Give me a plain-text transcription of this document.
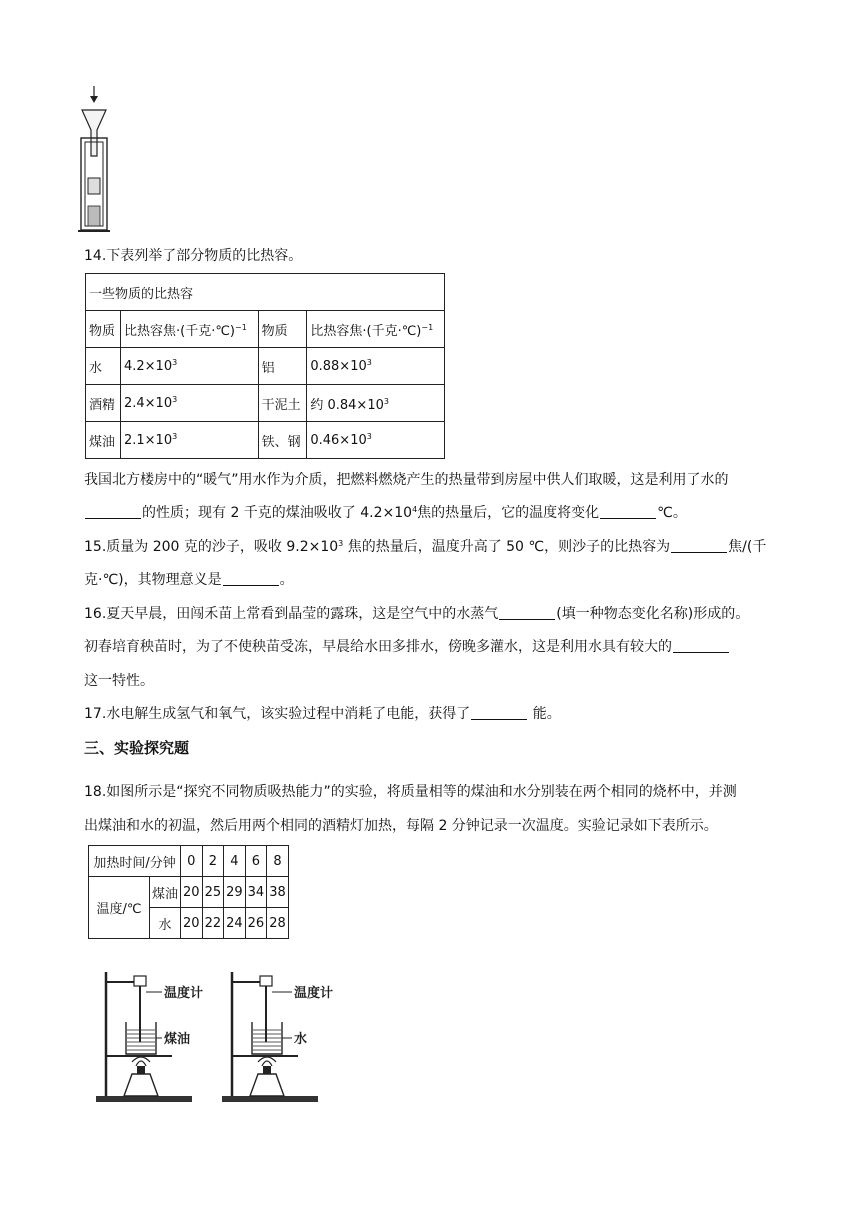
14.下表列举了部分物质的比热容。
一些物质的比热容			
物质	比热容焦·(千克·℃)$^{-1}$	物质	比热容焦·(千克·℃)$^{-1}$
水	$4.2\times 10^3$	铝	$0.88\times 10^3$
酒精	$2.4\times 10^3$	干泥土	约 $0.84\times 10^3$
煤油	$2.1\times 10^3$	铁、钢	$0.46\times 10^3$
我国北方楼房中的“暖气”用水作为介质，把燃料燃烧产生的热量带到房屋中供人们取暖，这是利用了水的
的性质；现有 2 千克的煤油吸收了 $4.2\times 10^4$焦的热量后，它的温度将变化	℃。
15.质量为 200 克的沙子，吸收 $9.2\times 10^3$ 焦的热量后，温度升高了 50 ℃，则沙子的比热容为	焦/(千
克·℃)，其物理意义是	。
16.夏天早晨，田闯禾苗上常看到晶莹的露珠，这是空气中的水蒸气	(填一种物态变化名称)形成的。
初春培育秧苗时，为了不使秧苗受冻，早晨给水田多排水，傍晚多灌水，这是利用水具有较大的
这一特性。
17.水电解生成氢气和氧气，该实验过程中消耗了电能，获得了	能。
三、实验探究题
18.如图所示是“探究不同物质吸热能力”的实验，将质量相等的煤油和水分别装在两个相同的烧杯中，并测
出煤油和水的初温，然后用两个相同的酒精灯加热，每隔 2 分钟记录一次温度。实验记录如下表所示。
加热时间/分钟		0	2	4	6	8
温度/℃	煤油	20	25	29	34	38
	水	20	22	24	26	28
温度计
煤油
温度计
水
